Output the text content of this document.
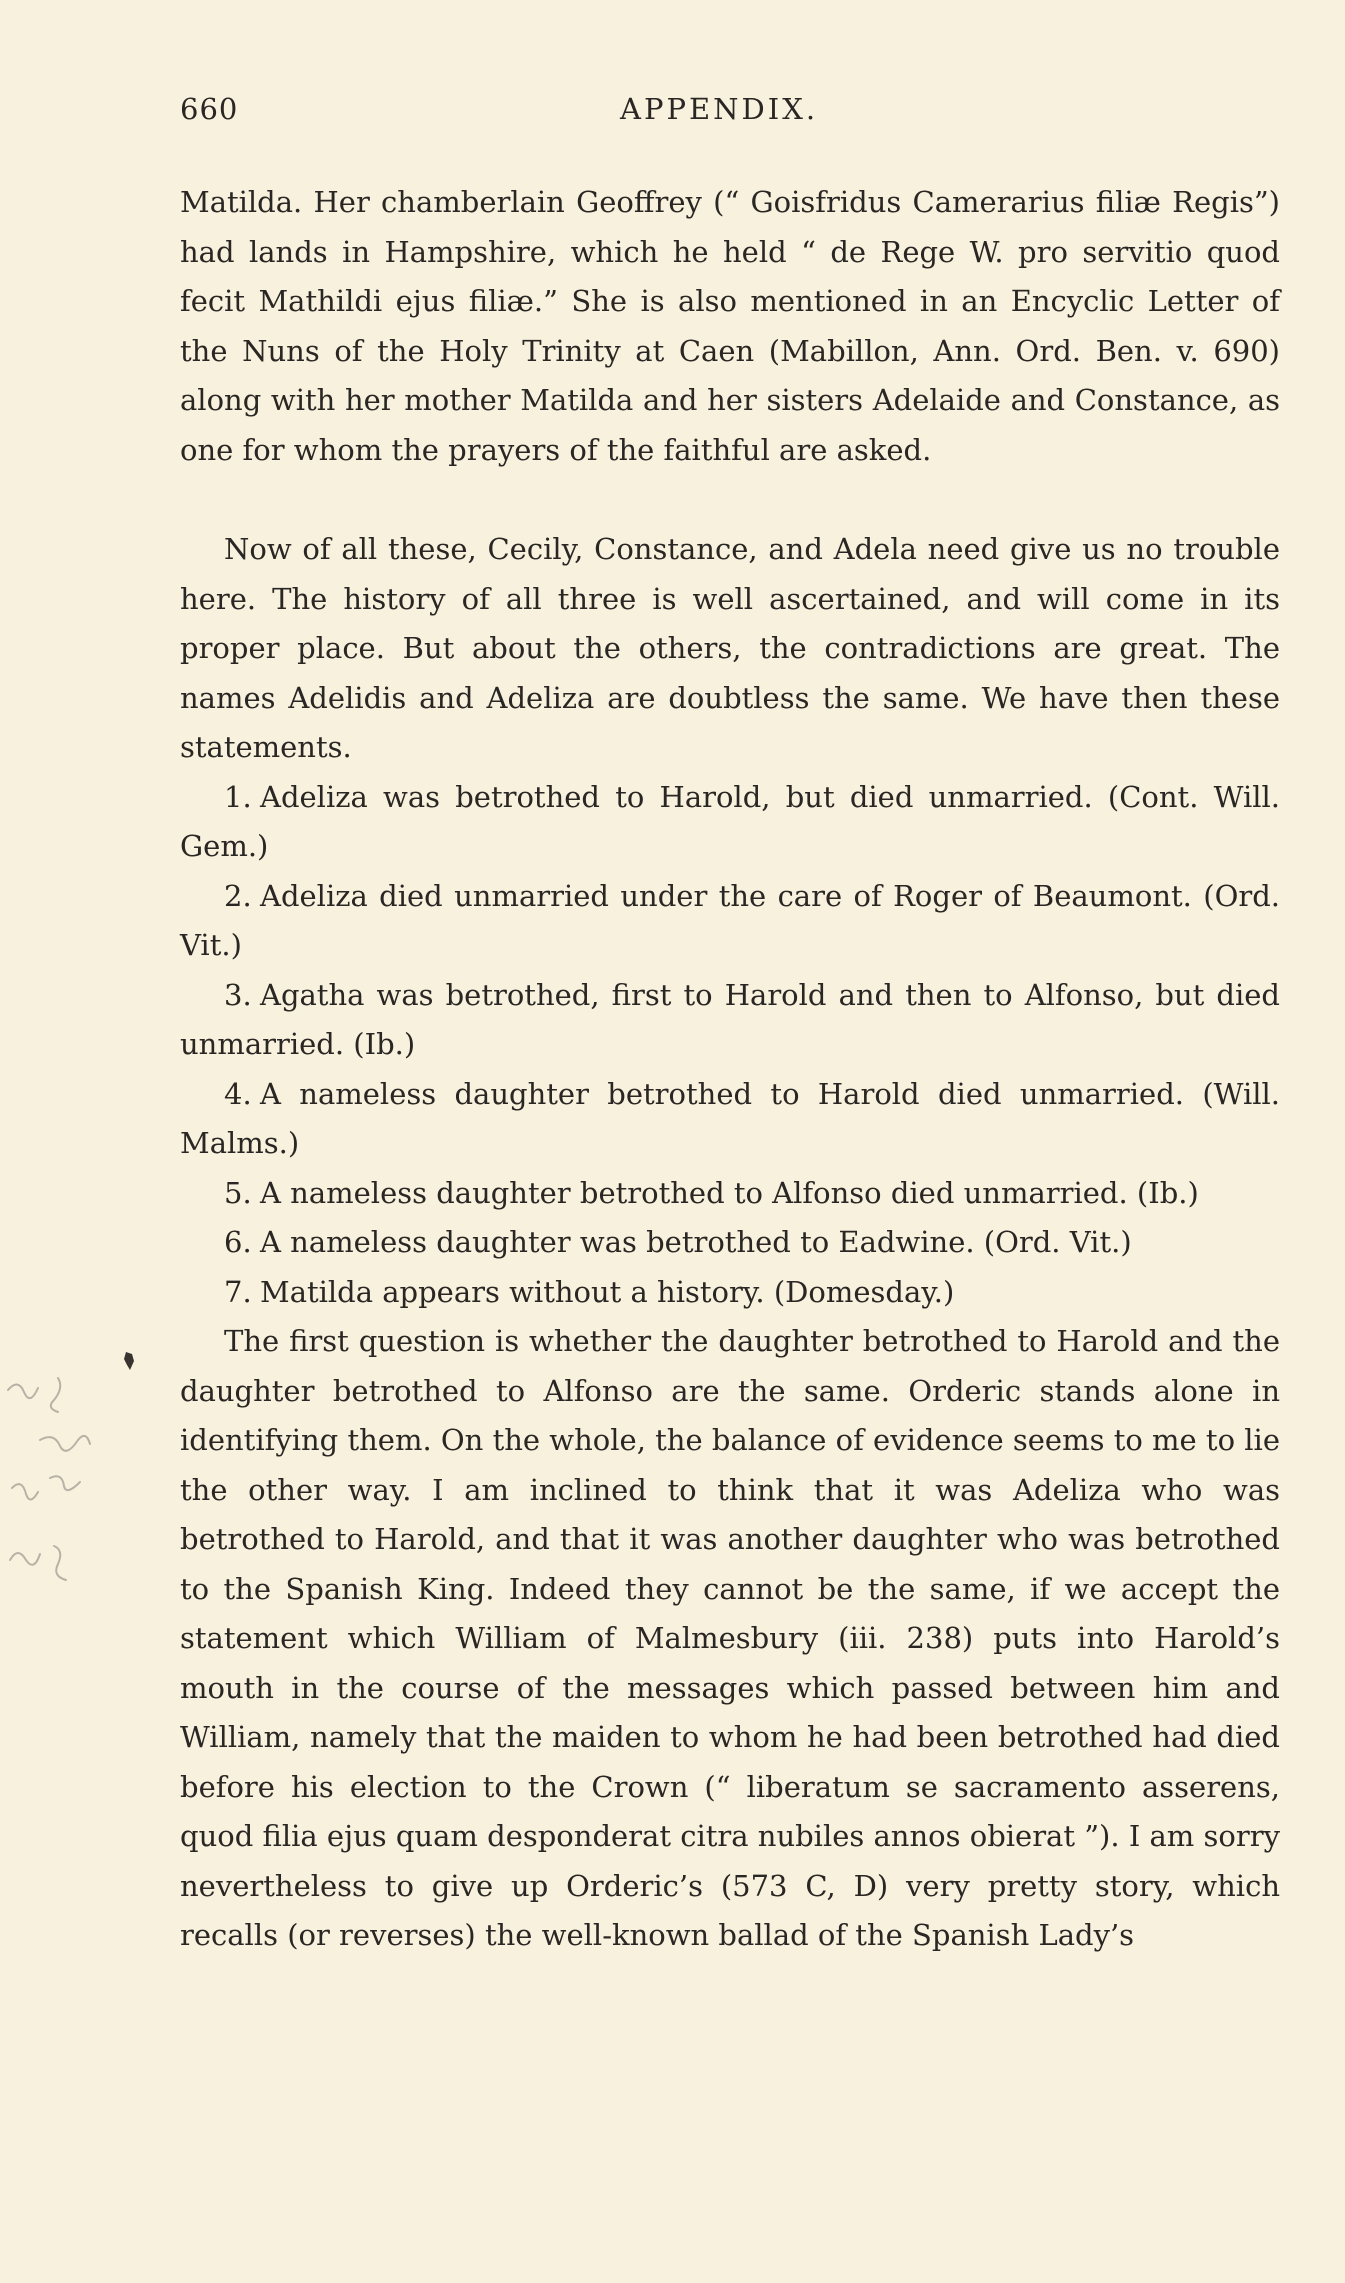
660	APPENDIX.

Matilda. Her chamberlain Geoffrey (“ Goisfridus Camerarius filiæ Regis”) had lands in Hampshire, which he held “ de Rege W. pro servitio quod fecit Mathildi ejus filiæ.” She is also mentioned in an Encyclic Letter of the Nuns of the Holy Trinity at Caen (Mabillon, Ann. Ord. Ben. v. 690) along with her mother Matilda and her sisters Adelaide and Constance, as one for whom the prayers of the faithful are asked.

Now of all these, Cecily, Constance, and Adela need give us no trouble here. The history of all three is well ascertained, and will come in its proper place. But about the others, the contradictions are great. The names Adelidis and Adeliza are doubtless the same. We have then these statements.

1. Adeliza was betrothed to Harold, but died unmarried. (Cont. Will. Gem.)

2. Adeliza died unmarried under the care of Roger of Beaumont. (Ord. Vit.)

3. Agatha was betrothed, first to Harold and then to Alfonso, but died unmarried. (Ib.)

4. A nameless daughter betrothed to Harold died unmarried. (Will. Malms.)

5. A nameless daughter betrothed to Alfonso died unmarried. (Ib.)

6. A nameless daughter was betrothed to Eadwine. (Ord. Vit.)

7. Matilda appears without a history. (Domesday.)

The first question is whether the daughter betrothed to Harold and the daughter betrothed to Alfonso are the same. Orderic stands alone in identifying them. On the whole, the balance of evidence seems to me to lie the other way. I am inclined to think that it was Adeliza who was betrothed to Harold, and that it was another daughter who was betrothed to the Spanish King. Indeed they cannot be the same, if we accept the statement which William of Malmesbury (iii. 238) puts into Harold’s mouth in the course of the messages which passed between him and William, namely that the maiden to whom he had been betrothed had died before his election to the Crown (“ liberatum se sacramento asserens, quod filia ejus quam desponderat citra nubiles annos obierat ”). I am sorry nevertheless to give up Orderic’s (573 C, D) very pretty story, which recalls (or reverses) the well-known ballad of the Spanish Lady’s
